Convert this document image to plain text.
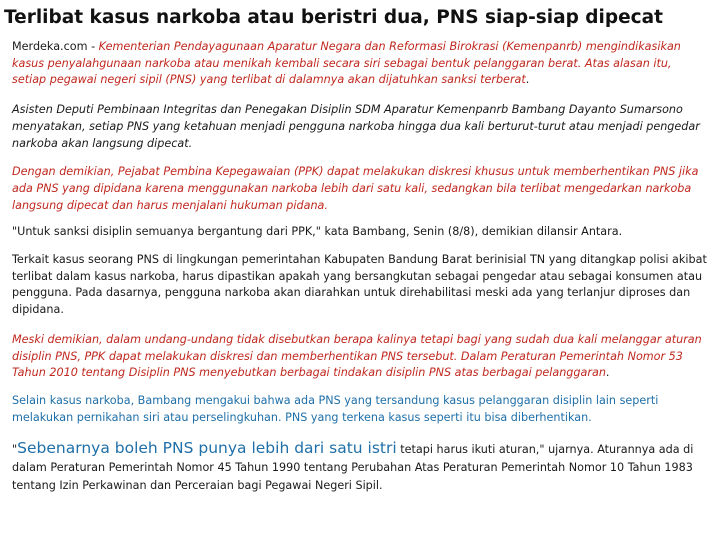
Terlibat kasus narkoba atau beristri dua, PNS siap-siap dipecat

Merdeka.com - Kementerian Pendayagunaan Aparatur Negara dan Reformasi Birokrasi (Kemenpanrb) mengindikasikan kasus penyalahgunaan narkoba atau menikah kembali secara siri sebagai bentuk pelanggaran berat. Atas alasan itu, setiap pegawai negeri sipil (PNS) yang terlibat di dalamnya akan dijatuhkan sanksi terberat.

Asisten Deputi Pembinaan Integritas dan Penegakan Disiplin SDM Aparatur Kemenpanrb Bambang Dayanto Sumarsono menyatakan, setiap PNS yang ketahuan menjadi pengguna narkoba hingga dua kali berturut-turut atau menjadi pengedar narkoba akan langsung dipecat.

Dengan demikian, Pejabat Pembina Kepegawaian (PPK) dapat melakukan diskresi khusus untuk memberhentikan PNS jika ada PNS yang dipidana karena menggunakan narkoba lebih dari satu kali, sedangkan bila terlibat mengedarkan narkoba langsung dipecat dan harus menjalani hukuman pidana.

"Untuk sanksi disiplin semuanya bergantung dari PPK," kata Bambang, Senin (8/8), demikian dilansir Antara.

Terkait kasus seorang PNS di lingkungan pemerintahan Kabupaten Bandung Barat berinisial TN yang ditangkap polisi akibat terlibat dalam kasus narkoba, harus dipastikan apakah yang bersangkutan sebagai pengedar atau sebagai konsumen atau pengguna. Pada dasarnya, pengguna narkoba akan diarahkan untuk direhabilitasi meski ada yang terlanjur diproses dan dipidana.

Meski demikian, dalam undang-undang tidak disebutkan berapa kalinya tetapi bagi yang sudah dua kali melanggar aturan disiplin PNS, PPK dapat melakukan diskresi dan memberhentikan PNS tersebut. Dalam Peraturan Pemerintah Nomor 53 Tahun 2010 tentang Disiplin PNS menyebutkan berbagai tindakan disiplin PNS atas berbagai pelanggaran.

Selain kasus narkoba, Bambang mengakui bahwa ada PNS yang tersandung kasus pelanggaran disiplin lain seperti melakukan pernikahan siri atau perselingkuhan. PNS yang terkena kasus seperti itu bisa diberhentikan.

"Sebenarnya boleh PNS punya lebih dari satu istri tetapi harus ikuti aturan," ujarnya. Aturannya ada di dalam Peraturan Pemerintah Nomor 45 Tahun 1990 tentang Perubahan Atas Peraturan Pemerintah Nomor 10 Tahun 1983 tentang Izin Perkawinan dan Perceraian bagi Pegawai Negeri Sipil.
